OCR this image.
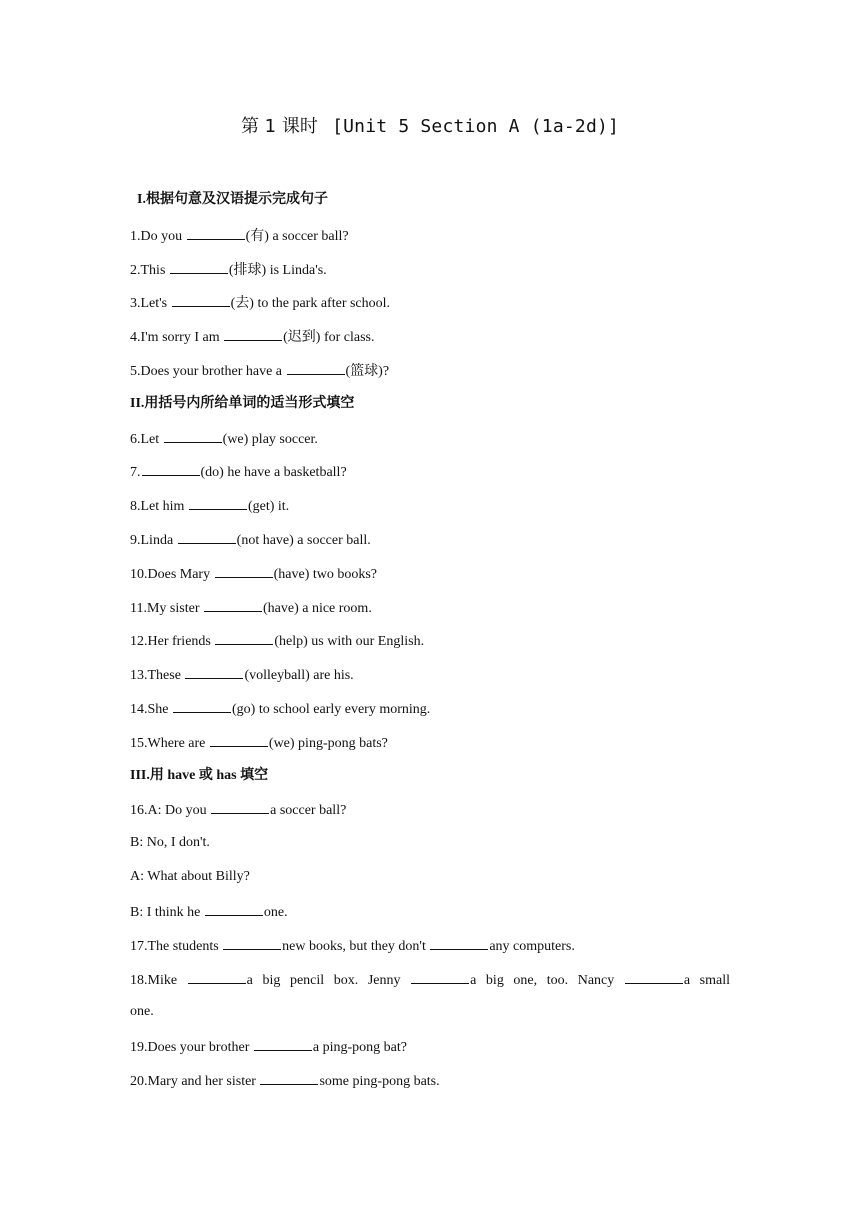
第 1 课时 [Unit 5 Section A (1a-2d)]
I.根据句意及汉语提示完成句子
1.Do you	(有) a soccer ball?
2.This	(排球) is Linda's.
3.Let's	(去) to the park after school.
4.I'm sorry I am	(迟到) for class.
5.Does your brother have a	(篮球)?
II.用括号内所给单词的适当形式填空
6.Let	(we) play soccer.
7.	(do) he have a basketball?
8.Let him	(get) it.
9.Linda	(not have) a soccer ball.
10.Does Mary	(have) two books?
11.My sister	(have) a nice room.
12.Her friends	(help) us with our English.
13.These	(volleyball) are his.
14.She	(go) to school early every morning.
15.Where are	(we) ping-pong bats?
III.用 have 或 has 填空
16.A: Do you	a soccer ball?
B: No, I don't.
A: What about Billy?
B: I think he	one.
17.The students	new books, but they don't	any computers.
18.Mike	a big pencil box. Jenny	a big one, too. Nancy	a small
one.
19.Does your brother	a ping-pong bat?
20.Mary and her sister	some ping-pong bats.
